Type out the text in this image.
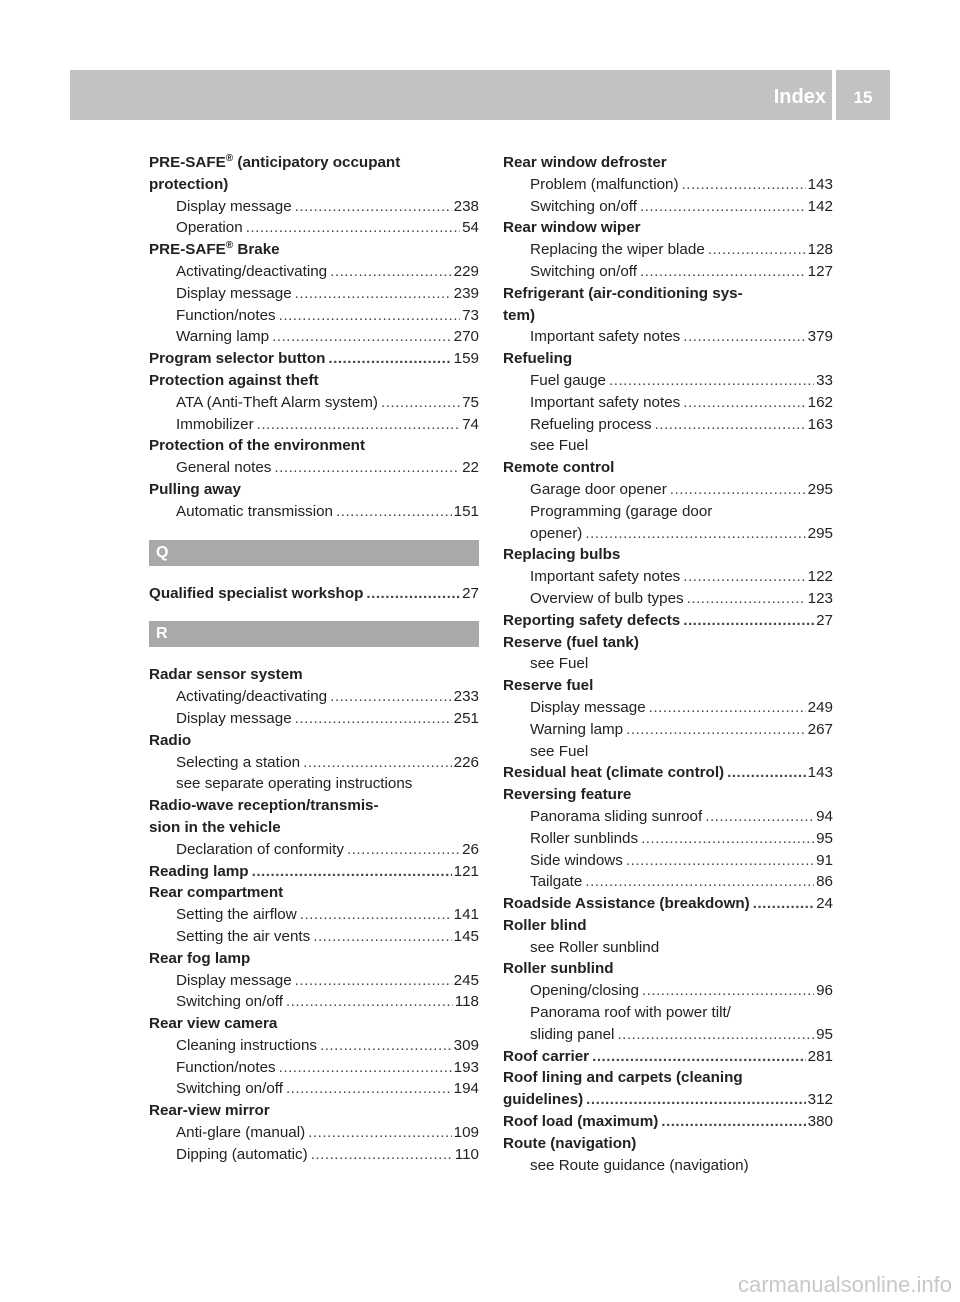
Index	15
PRE-SAFE® (anticipatory occupant
protection)
Display message .....	238
Operation .....	54
PRE-SAFE® Brake
Activating/deactivating .....	229
Display message .....	239
Function/notes .....	73
Warning lamp .....	270
Program selector button .....	159
Protection against theft
ATA (Anti-Theft Alarm system) .....	75
Immobilizer .....	74
Protection of the environment
General notes .....	22
Pulling away
Automatic transmission .....	151
Q
Qualified specialist workshop .....	27
R
Radar sensor system
Activating/deactivating .....	233
Display message .....	251
Radio
Selecting a station .....	226
see separate operating instructions
Radio-wave reception/transmis-
sion in the vehicle
Declaration of conformity .....	26
Reading lamp .....	121
Rear compartment
Setting the airflow .....	141
Setting the air vents .....	145
Rear fog lamp
Display message .....	245
Switching on/off .....	118
Rear view camera
Cleaning instructions .....	309
Function/notes .....	193
Switching on/off .....	194
Rear-view mirror
Anti-glare (manual) .....	109
Dipping (automatic) .....	110
Rear window defroster
Problem (malfunction) .....	143
Switching on/off .....	142
Rear window wiper
Replacing the wiper blade .....	128
Switching on/off .....	127
Refrigerant (air-conditioning sys-
tem)
Important safety notes .....	379
Refueling
Fuel gauge .....	33
Important safety notes .....	162
Refueling process .....	163
see Fuel
Remote control
Garage door opener .....	295
Programming (garage door
opener) .....	295
Replacing bulbs
Important safety notes .....	122
Overview of bulb types .....	123
Reporting safety defects .....	27
Reserve (fuel tank)
see Fuel
Reserve fuel
Display message .....	249
Warning lamp .....	267
see Fuel
Residual heat (climate control) .....	143
Reversing feature
Panorama sliding sunroof .....	94
Roller sunblinds .....	95
Side windows .....	91
Tailgate .....	86
Roadside Assistance (breakdown) .....	24
Roller blind
see Roller sunblind
Roller sunblind
Opening/closing .....	96
Panorama roof with power tilt/
sliding panel .....	95
Roof carrier .....	281
Roof lining and carpets (cleaning
guidelines) .....	312
Roof load (maximum) .....	380
Route (navigation)
see Route guidance (navigation)
carmanualsonline.info
